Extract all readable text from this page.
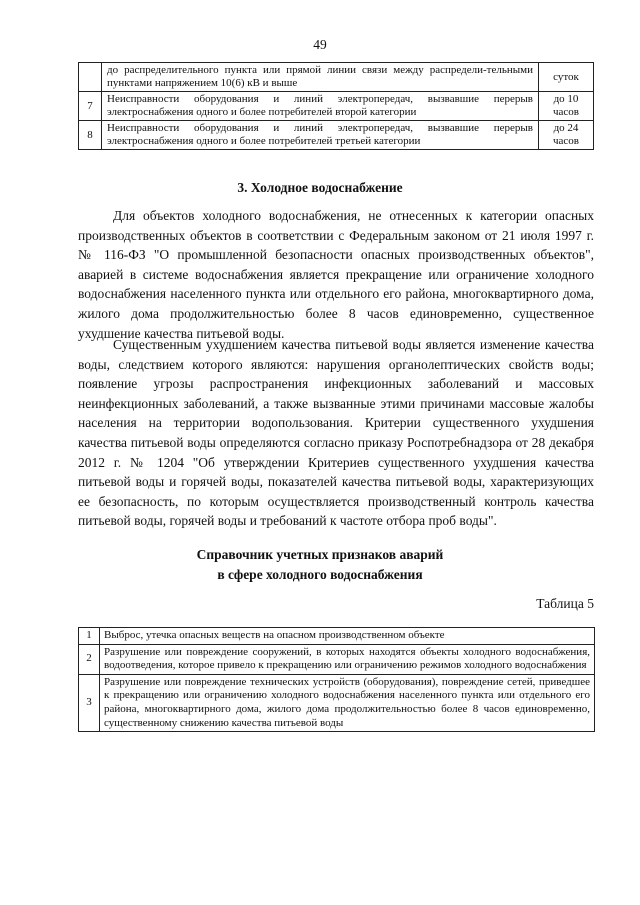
49
	до распределительного пункта или прямой линии связи между распредели-тельными пунктами напряжением 10(6) кВ и выше	суток
7	Неисправности оборудования и линий электропередач, вызвавшие перерыв электроснабжения одного и более потребителей второй категории	до 10 часов
8	Неисправности оборудования и линий электропередач, вызвавшие перерыв электроснабжения одного и более потребителей третьей категории	до 24 часов
3. Холодное водоснабжение

Для объектов холодного водоснабжения, не отнесенных к категории опасных производственных объектов в соответствии с Федеральным законом от 21 июля 1997 г. № 116-ФЗ "О промышленной безопасности опасных производственных объектов", аварией в системе водоснабжения является прекращение или ограничение холодного водоснабжения населенного пункта или отдельного его района, многоквартирного дома, жилого дома продолжительностью более 8 часов единовременно, существенное ухудшение качества питьевой воды.

Существенным ухудшением качества питьевой воды является изменение качества воды, следствием которого являются: нарушения органолептических свойств воды; появление угрозы распространения инфекционных заболеваний и массовых неинфекционных заболеваний, а также вызванные этими причинами массовые жалобы населения на территории водопользования. Критерии существенного ухудшения качества питьевой воды определяются согласно приказу Роспотребнадзора от 28 декабря 2012 г. № 1204 "Об утверждении Критериев существенного ухудшения качества питьевой воды и горячей воды, показателей качества питьевой воды, характеризующих ее безопасность, по которым осуществляется производственный контроль качества питьевой воды, горячей воды и требований к частоте отбора проб воды".

Справочник учетных признаков аварий
в сфере холодного водоснабжения
Таблица 5
1	Выброс, утечка опасных веществ на опасном производственном объекте
2	Разрушение или повреждение сооружений, в которых находятся объекты холодного водоснабжения, водоотведения, которое привело к прекращению или ограничению режимов холодного водоснабжения
3	Разрушение или повреждение технических устройств (оборудования), повреждение сетей, приведшее к прекращению или ограничению холодного водоснабжения населенного пункта или отдельного его района, многоквартирного дома, жилого дома продолжительностью более 8 часов единовременно, существенному снижению качества питьевой воды
